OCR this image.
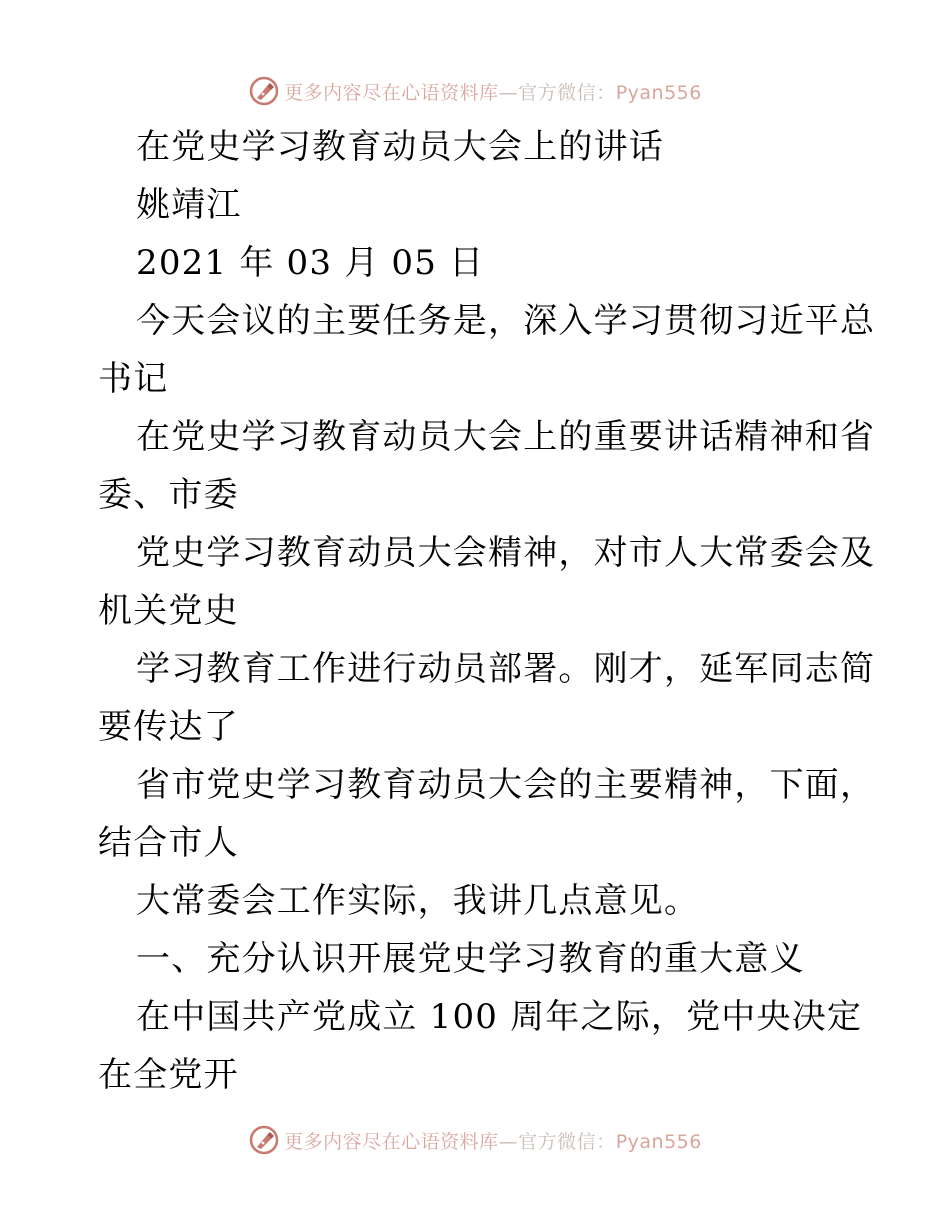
更多内容尽在心语资料库—官方微信：Pyan556
在党史学习教育动员大会上的讲话
姚靖江
2021 年 03 月 05 日
今天会议的主要任务是，深入学习贯彻习近平总
书记
在党史学习教育动员大会上的重要讲话精神和省
委、市委
党史学习教育动员大会精神，对市人大常委会及
机关党史
学习教育工作进行动员部署。刚才，延军同志简
要传达了
省市党史学习教育动员大会的主要精神，下面，
结合市人
大常委会工作实际，我讲几点意见。
一、充分认识开展党史学习教育的重大意义
在中国共产党成立 100 周年之际，党中央决定
在全党开
更多内容尽在心语资料库—官方微信：Pyan556
